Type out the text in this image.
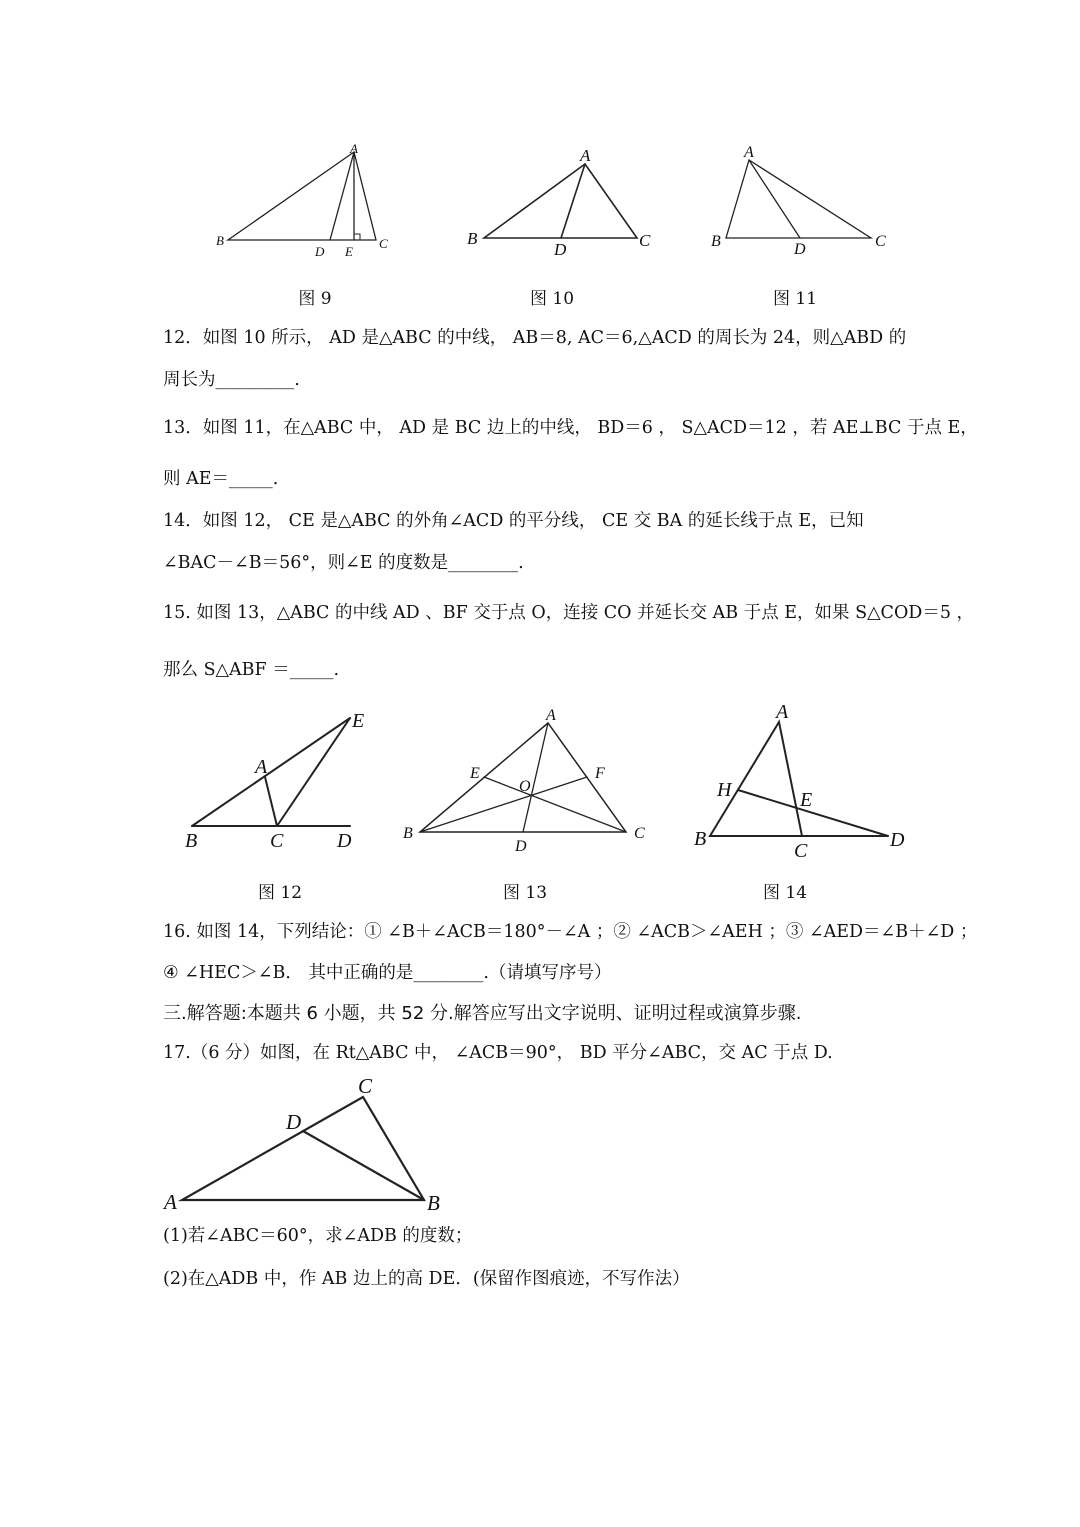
A
B	C
D E
图 9
A
B	C
D
图 10
A
B	C
D
图 11
12．如图 10 所示， AD 是△ABC 的中线， AB＝8, AC＝6,△ACD 的周长为 24，则△ABD 的
周长为_________.
13．如图 11，在△ABC 中， AD 是 BC 边上的中线， BD＝6 ， S△ACD＝12 ，若 AE⊥BC 于点 E，
则 AE＝_____.
14．如图 12， CE 是△ABC 的外角∠ACD 的平分线， CE 交 BA 的延长线于点 E，已知
∠BAC－∠B＝56°，则∠E 的度数是________.
15. 如图 13，△ABC 的中线 AD 、BF 交于点 O，连接 CO 并延长交 AB 于点 E，如果 S△COD＝5 ，
那么 S△ABF ＝_____.
E
A
B	C	D
图 12
A
B	C
D
E	F
O
图 13
A
H	E
B
C	D
图 14
16. 如图 14，下列结论：① ∠B＋∠ACB＝180°－∠A ；② ∠ACB＞∠AEH ；③ ∠AED＝∠B＋∠D ；
④ ∠HEC＞∠B． 其中正确的是________.（请填写序号）
三.解答题:本题共 6 小题，共 52 分.解答应写出文字说明、证明过程或演算步骤.
17.（6 分）如图，在 Rt△ABC 中， ∠ACB＝90°， BD 平分∠ABC，交 AC 于点 D.
A	B
C
D
(1)若∠ABC＝60°，求∠ADB 的度数；
(2)在△ADB 中，作 AB 边上的高 DE．(保留作图痕迹，不写作法）
